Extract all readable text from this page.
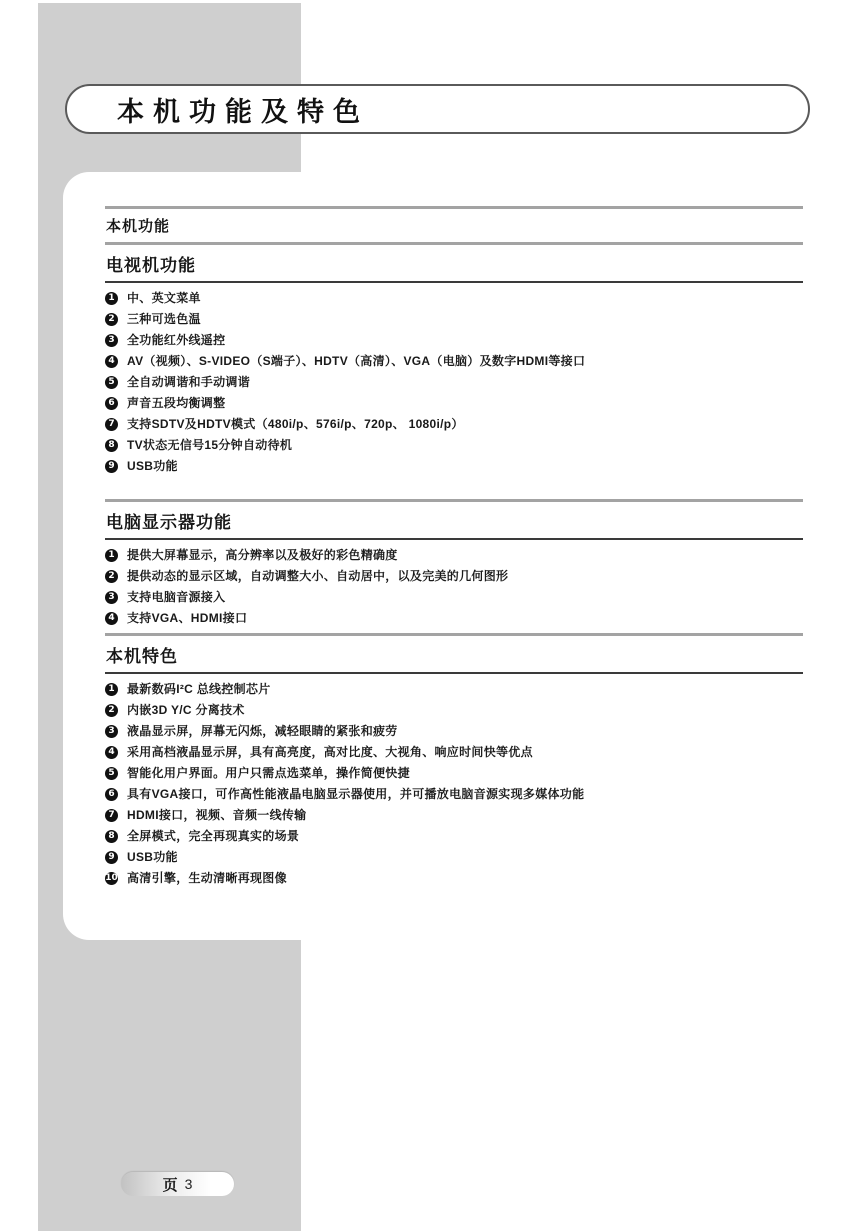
本机功能及特色
本机功能
电视机功能
1 中、英文菜单
2 三种可选色温
3 全功能红外线遥控
4 AV（视频）、S-VIDEO（S端子）、HDTV（高清）、VGA（电脑）及数字HDMI等接口
5 全自动调谐和手动调谐
6 声音五段均衡调整
7 支持SDTV及HDTV模式（480i/p、576i/p、720p、 1080i/p）
8 TV状态无信号15分钟自动待机
9 USB功能
电脑显示器功能
1 提供大屏幕显示，高分辨率以及极好的彩色精确度
2 提供动态的显示区域，自动调整大小、自动居中，以及完美的几何图形
3 支持电脑音源接入
4 支持VGA、HDMI接口
本机特色
1 最新数码I²C 总线控制芯片
2 内嵌3D Y/C 分离技术
3 液晶显示屏，屏幕无闪烁，减轻眼睛的紧张和疲劳
4 采用高档液晶显示屏，具有高亮度，高对比度、大视角、响应时间快等优点
5 智能化用户界面。用户只需点选菜单，操作简便快捷
6 具有VGA接口，可作高性能液晶电脑显示器使用，并可播放电脑音源实现多媒体功能
7 HDMI接口，视频、音频一线传输
8 全屏模式，完全再现真实的场景
9 USB功能
10 高清引擎，生动清晰再现图像
页 3
